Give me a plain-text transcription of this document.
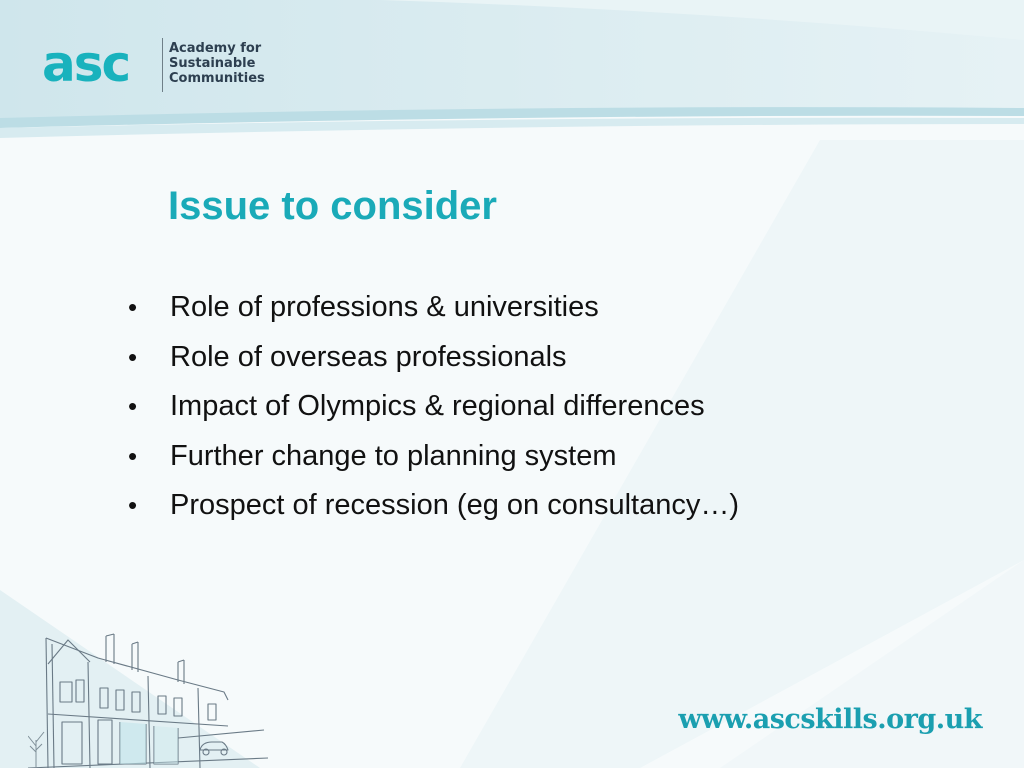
asc	Academy for
Sustainable
Communities
Issue to consider
•	Role of professions & universities
•	Role of overseas professionals
•	Impact of Olympics & regional differences
•	Further change to planning system
•	Prospect of recession (eg on consultancy…)
www.ascskills.org.uk
